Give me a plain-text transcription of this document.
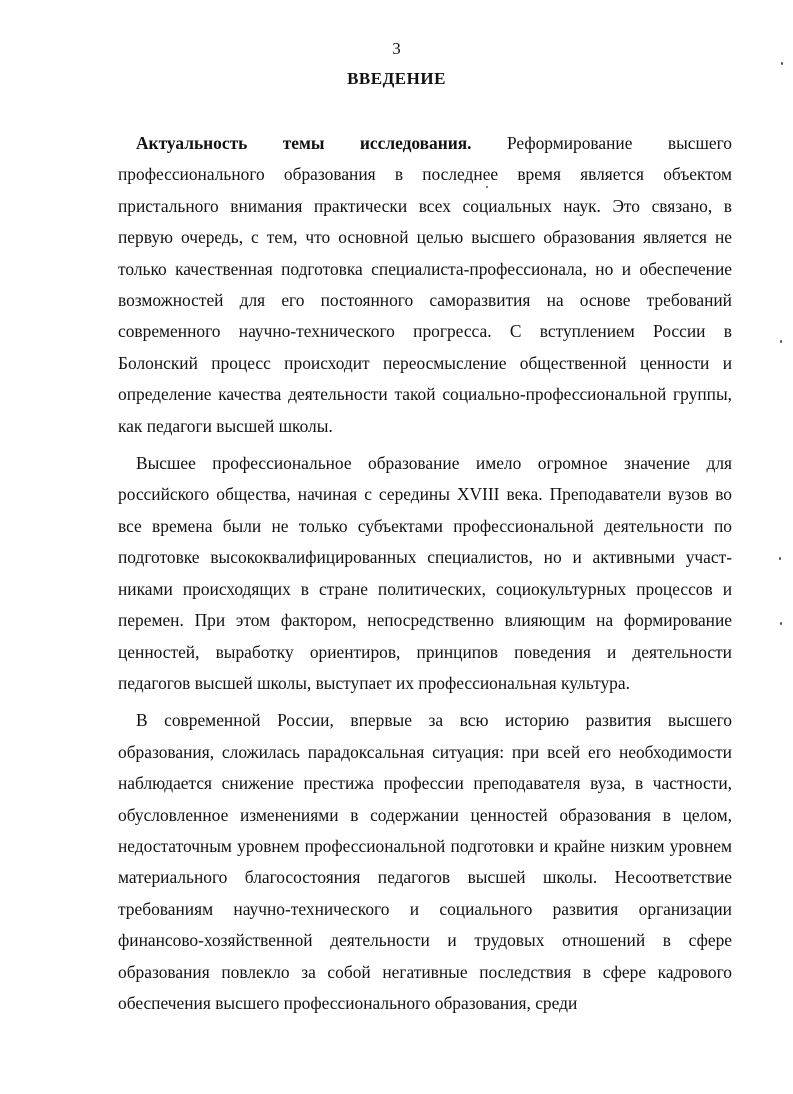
3
ВВЕДЕНИЕ

Актуальность темы исследования. Реформирование высшего профессионального образования в последнее время является объектом пристального внимания практически всех социальных наук. Это связано, в первую очередь, с тем, что основной целью высшего образования является не только качественная подготовка специалиста-профессионала, но и обеспечение возможностей для его постоянного саморазвития на основе требований современного научно-технического прогресса. С вступлением России в Болонский процесс происходит переосмысление общественной ценности и определение качества деятельности такой социально-профессиональной группы, как педагоги высшей школы.

Высшее профессиональное образование имело огромное значение для российского общества, начиная с середины XVIII века. Преподаватели вузов во все времена были не только субъектами профессиональной деятельности по подготовке высококвалифицированных специалистов, но и активными участниками происходящих в стране политических, социокультурных процессов и перемен. При этом фактором, непосредственно влияющим на формирование ценностей, выработку ориентиров, принципов поведения и деятельности педагогов высшей школы, выступает их профессиональная культура.

В современной России, впервые за всю историю развития высшего образования, сложилась парадоксальная ситуация: при всей его необходимости наблюдается снижение престижа профессии преподавателя вуза, в частности, обусловленное изменениями в содержании ценностей образования в целом, недостаточным уровнем профессиональной подготовки и крайне низким уровнем материального благосостояния педагогов высшей школы. Несоответствие требованиям научно-технического и социального развития организации финансово-хозяйственной деятельности и трудовых отношений в сфере образования повлекло за собой негативные последствия в сфере кадрового обеспечения высшего профессионального образования, среди
